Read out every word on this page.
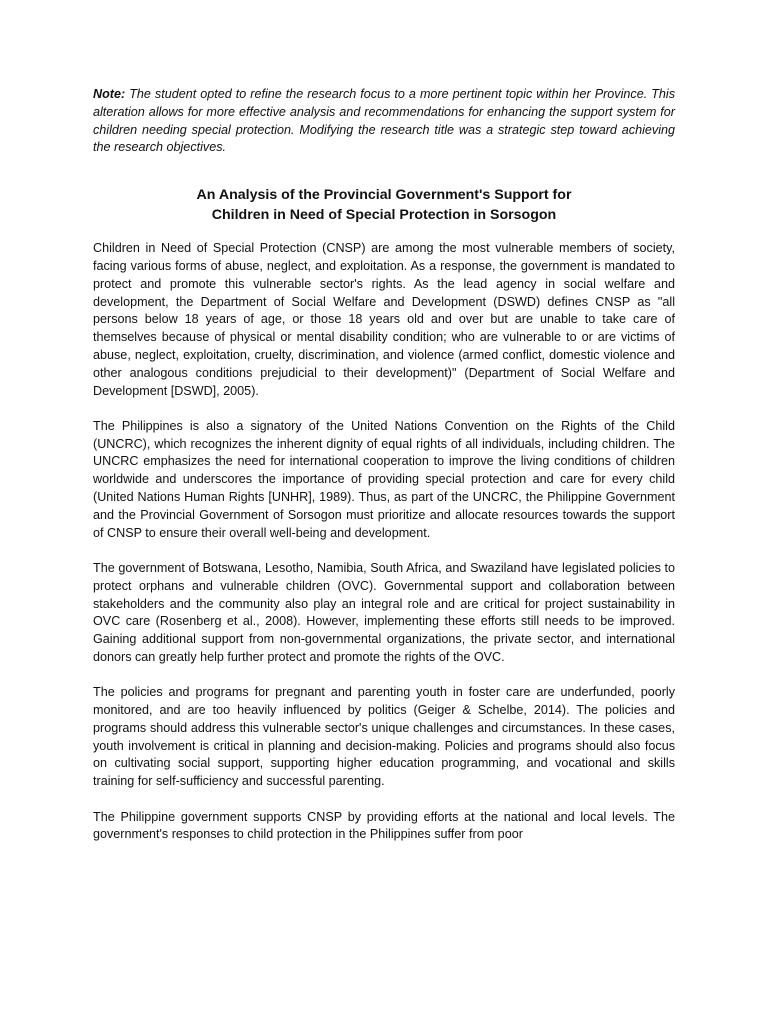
Note: The student opted to refine the research focus to a more pertinent topic within her Province. This alteration allows for more effective analysis and recommendations for enhancing the support system for children needing special protection. Modifying the research title was a strategic step toward achieving the research objectives.

An Analysis of the Provincial Government's Support for
Children in Need of Special Protection in Sorsogon

Children in Need of Special Protection (CNSP) are among the most vulnerable members of society, facing various forms of abuse, neglect, and exploitation. As a response, the government is mandated to protect and promote this vulnerable sector's rights. As the lead agency in social welfare and development, the Department of Social Welfare and Development (DSWD) defines CNSP as "all persons below 18 years of age, or those 18 years old and over but are unable to take care of themselves because of physical or mental disability condition; who are vulnerable to or are victims of abuse, neglect, exploitation, cruelty, discrimination, and violence (armed conflict, domestic violence and other analogous conditions prejudicial to their development)" (Department of Social Welfare and Development [DSWD], 2005).

The Philippines is also a signatory of the United Nations Convention on the Rights of the Child (UNCRC), which recognizes the inherent dignity of equal rights of all individuals, including children. The UNCRC emphasizes the need for international cooperation to improve the living conditions of children worldwide and underscores the importance of providing special protection and care for every child (United Nations Human Rights [UNHR], 1989). Thus, as part of the UNCRC, the Philippine Government and the Provincial Government of Sorsogon must prioritize and allocate resources towards the support of CNSP to ensure their overall well-being and development.

The government of Botswana, Lesotho, Namibia, South Africa, and Swaziland have legislated policies to protect orphans and vulnerable children (OVC). Governmental support and collaboration between stakeholders and the community also play an integral role and are critical for project sustainability in OVC care (Rosenberg et al., 2008). However, implementing these efforts still needs to be improved. Gaining additional support from non-governmental organizations, the private sector, and international donors can greatly help further protect and promote the rights of the OVC.

The policies and programs for pregnant and parenting youth in foster care are underfunded, poorly monitored, and are too heavily influenced by politics (Geiger & Schelbe, 2014). The policies and programs should address this vulnerable sector's unique challenges and circumstances. In these cases, youth involvement is critical in planning and decision-making. Policies and programs should also focus on cultivating social support, supporting higher education programming, and vocational and skills training for self-sufficiency and successful parenting.

The Philippine government supports CNSP by providing efforts at the national and local levels. The government's responses to child protection in the Philippines suffer from poor
